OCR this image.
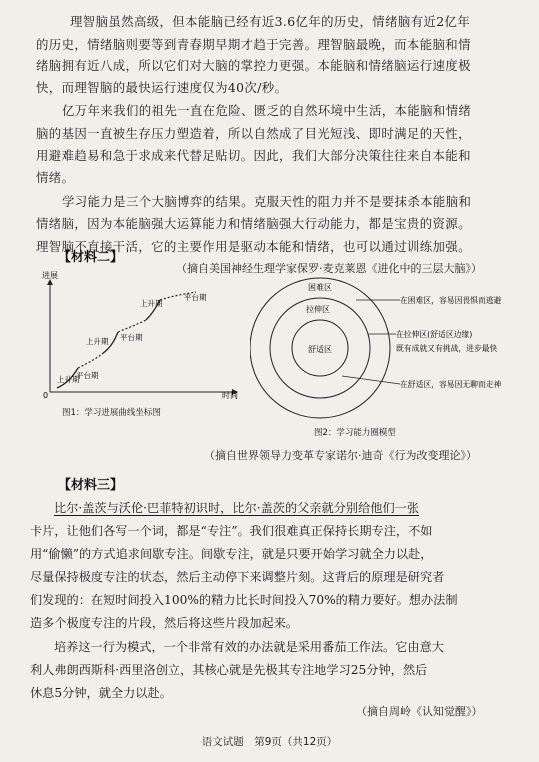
理智脑虽然高级，但本能脑已经有近3.6亿年的历史，情绪脑有近2亿年
的历史，情绪脑则要等到青春期早期才趋于完善。理智脑最晚，而本能脑和情
绪脑拥有近八成，所以它们对大脑的掌控力更强。本能脑和情绪脑运行速度极
快，而理智脑的最快运行速度仅为40次/秒。
亿万年来我们的祖先一直在危险、匮乏的自然环境中生活，本能脑和情绪
脑的基因一直被生存压力塑造着，所以自然成了目光短浅、即时满足的天性，
用避难趋易和急于求成来代替足贴切。因此，我们大部分决策往往来自本能和
情绪。
学习能力是三个大脑博弈的结果。克服天性的阻力并不是要抹杀本能脑和
情绪脑，因为本能脑强大运算能力和情绪脑强大行动能力，都是宝贵的资源。
理智脑不直接干活，它的主要作用是驱动本能和情绪，也可以通过训练加强。
（摘自美国神经生理学家保罗·麦克莱恩《进化中的三层大脑》）
【材料二】
进展
时间
0
上升期
平台期
上升期 平台期
上升期
平台期
图1：学习进展曲线坐标图
困难区
拉伸区
舒适区
在困难区，容易因畏惧而逃避
在拉伸区(舒适区边缘)
既有成就又有挑战，进步最快
在舒适区，容易因无聊而走神
图2：学习能力圈模型
（摘自世界领导力变革专家诺尔·迪奇《行为改变理论》）
【材料三】
比尔·盖茨与沃伦·巴菲特初识时，比尔·盖茨的父亲就分别给他们一张
卡片，让他们各写一个词，都是“专注”。我们很难真正保持长期专注，不如
用“偷懒”的方式追求间歇专注。间歇专注，就是只要开始学习就全力以赴，
尽量保持极度专注的状态，然后主动停下来调整片刻。这背后的原理是研究者
们发现的：在短时间投入100%的精力比长时间投入70%的精力要好。想办法制
造多个极度专注的片段，然后将这些片段加起来。
培养这一行为模式，一个非常有效的办法就是采用番茄工作法。它由意大
利人弗朗西斯科·西里洛创立，其核心就是先极其专注地学习25分钟，然后
休息5分钟，就全力以赴。
（摘自周岭《认知觉醒》）
语文试题　第9页（共12页）
